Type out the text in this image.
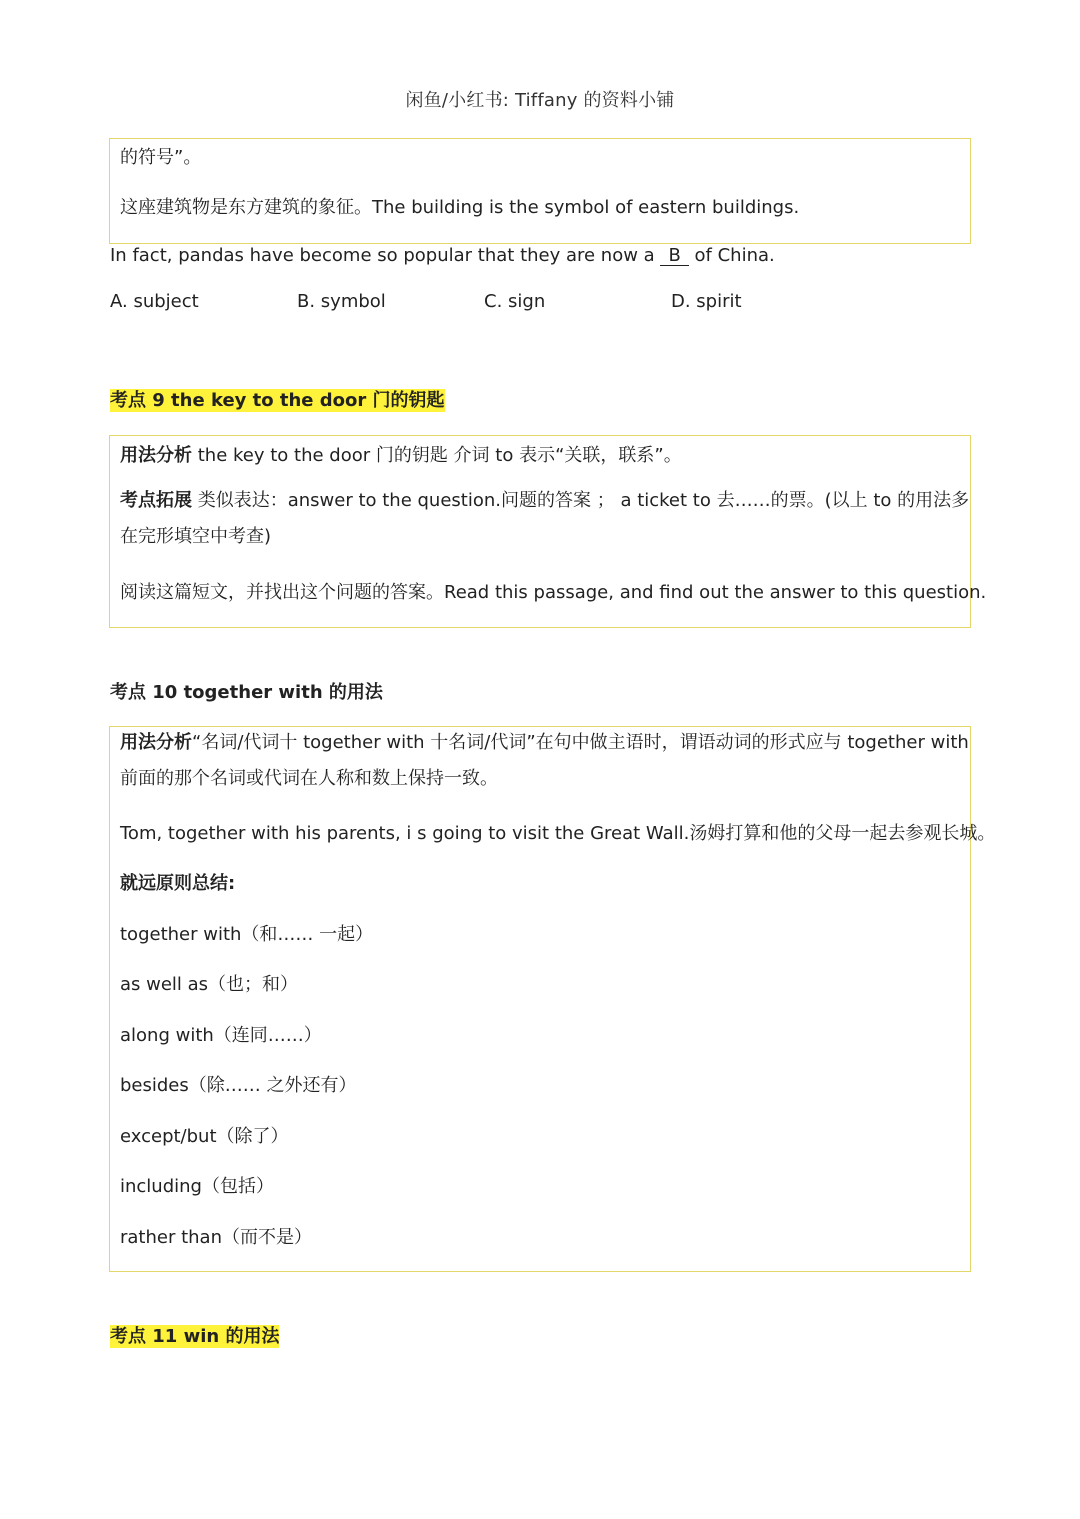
闲鱼/小红书: Tiffany 的资料小铺
的符号”。
这座建筑物是东方建筑的象征。The building is the symbol of eastern buildings.
In fact, pandas have become so popular that they are now a B of China.
A. subject	B. symbol	C. sign	D. spirit
考点 9 the key to the door 门的钥匙
用法分析 the key to the door 门的钥匙 介词 to 表示“关联，联系”。
考点拓展 类似表达：answer to the question.问题的答案 ； a ticket to 去……的票。(以上 to 的用法多在完形填空中考查)
阅读这篇短文，并找出这个问题的答案。Read this passage, and find out the answer to this question.
考点 10 together with 的用法
用法分析“名词/代词十 together with 十名词/代词”在句中做主语时，谓语动词的形式应与 together with 前面的那个名词或代词在人称和数上保持一致。
Tom, together with his parents, i s going to visit the Great Wall.汤姆打算和他的父母一起去参观长城。
就远原则总结:
together with（和…… 一起）
as well as（也；和）
along with（连同……）
besides（除…… 之外还有）
except/but（除了）
including（包括）
rather than（而不是）
考点 11 win 的用法
